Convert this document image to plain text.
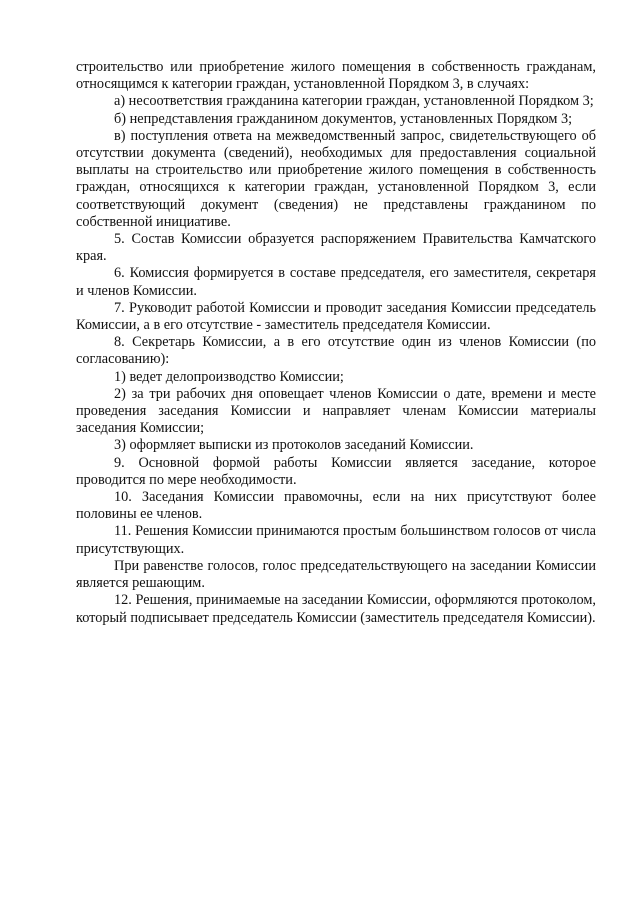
строительство или приобретение жилого помещения в собственность гражданам, относящимся к категории граждан, установленной Порядком 3, в случаях:

а) несоответствия гражданина категории граждан, установленной Порядком 3;

б) непредставления гражданином документов, установленных Порядком 3;

в) поступления ответа на межведомственный запрос, свидетельствующего об отсутствии документа (сведений), необходимых для предоставления социальной выплаты на строительство или приобретение жилого помещения в собственность граждан, относящихся к категории граждан, установленной Порядком 3, если соответствующий документ (сведения) не представлены гражданином по собственной инициативе.

5. Состав Комиссии образуется распоряжением Правительства Камчатского края.

6. Комиссия формируется в составе председателя, его заместителя, секретаря и членов Комиссии.

7. Руководит работой Комиссии и проводит заседания Комиссии председатель Комиссии, а в его отсутствие - заместитель председателя Комиссии.

8. Секретарь Комиссии, а в его отсутствие один из членов Комиссии (по согласованию):

1) ведет делопроизводство Комиссии;

2) за три рабочих дня оповещает членов Комиссии о дате, времени и месте проведения заседания Комиссии и направляет членам Комиссии материалы заседания Комиссии;

3) оформляет выписки из протоколов заседаний Комиссии.

9. Основной формой работы Комиссии является заседание, которое проводится по мере необходимости.

10. Заседания Комиссии правомочны, если на них присутствуют более половины ее членов.

11. Решения Комиссии принимаются простым большинством голосов от числа присутствующих.

При равенстве голосов, голос председательствующего на заседании Комиссии является решающим.

12. Решения, принимаемые на заседании Комиссии, оформляются протоколом, который подписывает председатель Комиссии (заместитель председателя Комиссии).
